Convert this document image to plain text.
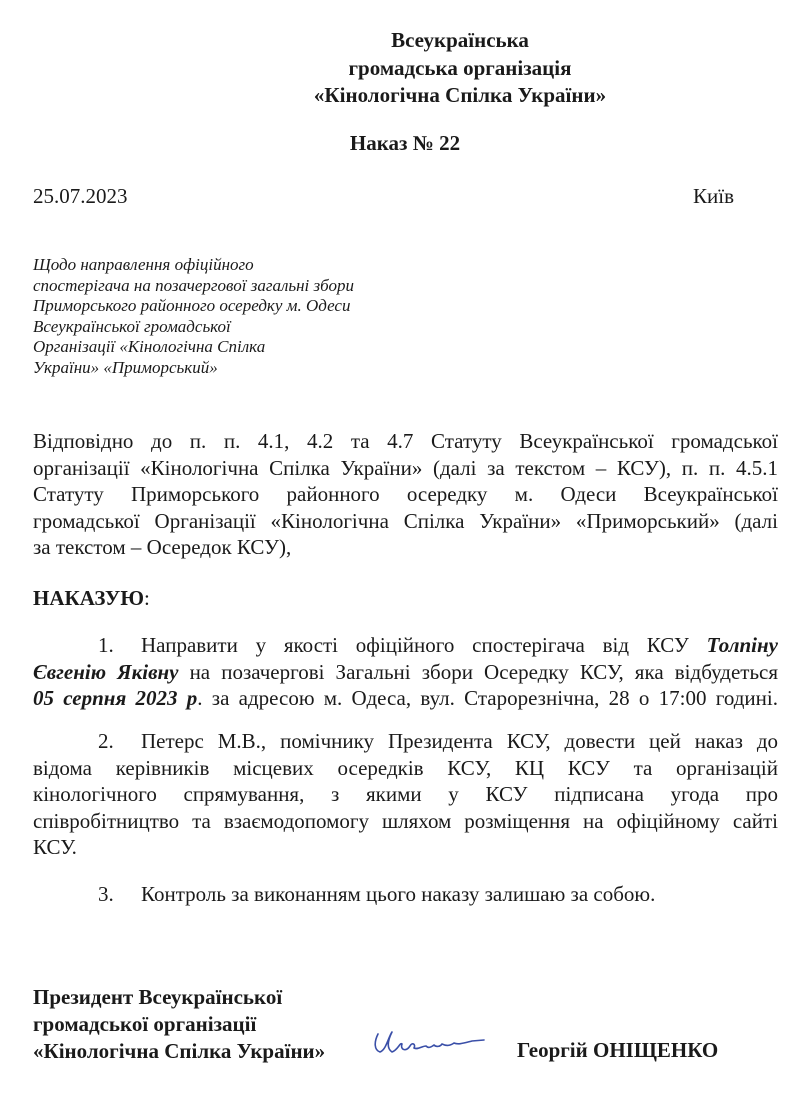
Всеукраїнська
громадська організація
«Кінологічна Спілка України»
Наказ № 22
25.07.2023	Київ
Щодо направлення офіційного
спостерігача на позачергової загальні збори
Приморського районного осередку м. Одеси
Всеукраїнської громадської
Організації «Кінологічна Спілка
України» «Приморський»
Відповідно до п. п. 4.1, 4.2 та 4.7 Статуту Всеукраїнської громадської
організації «Кінологічна Спілка України» (далі за текстом – КСУ), п. п. 4.5.1
Статуту Приморського районного осередку м. Одеси Всеукраїнської
громадської Організації «Кінологічна Спілка України» «Приморський» (далі
за текстом – Осередок КСУ),
НАКАЗУЮ:
1. Направити у якості офіційного спостерігача від КСУ Толпіну
Євгенію Яківну на позачергові Загальні збори Осередку КСУ, яка відбудеться
05 серпня 2023 р. за адресою м. Одеса, вул. Старорезнічна, 28 о 17:00 годині.
2. Петерс М.В., помічнику Президента КСУ, довести цей наказ до
відома керівників місцевих осередків КСУ, КЦ КСУ та організацій
кінологічного спрямування, з якими у КСУ підписана угода про
співробітництво та взаємодопомогу шляхом розміщення на офіційному сайті
КСУ.
3. Контроль за виконанням цього наказу залишаю за собою.
Президент Всеукраїнської
громадської організації
«Кінологічна Спілка України»	Георгій ОНІЩЕНКО
